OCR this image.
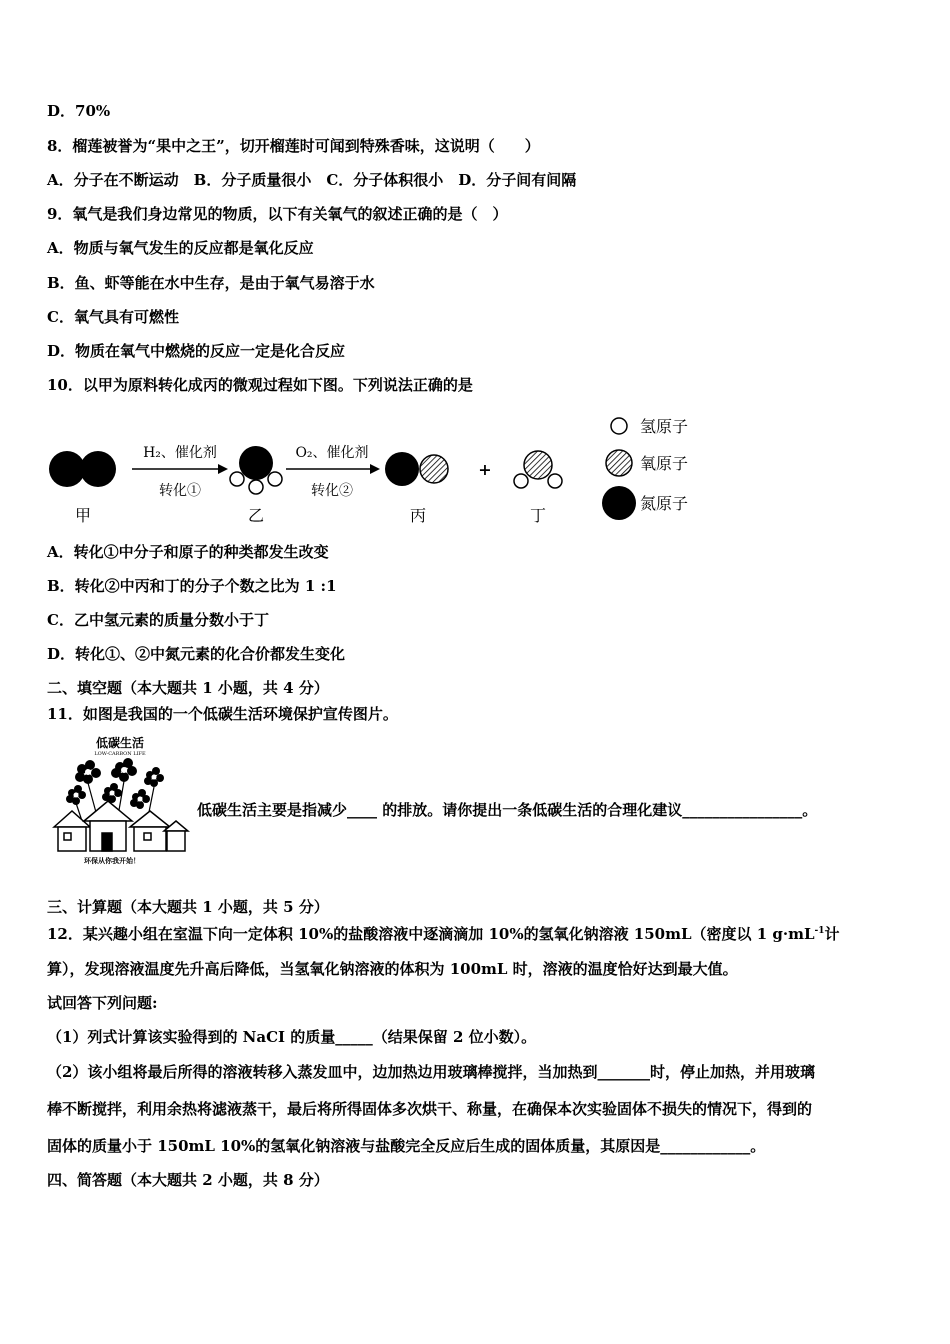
D．70%
8．榴莲被誉为“果中之王”，切开榴莲时可闻到特殊香味，这说明（　　）
A．分子在不断运动　B．分子质量很小　C．分子体积很小　D．分子间有间隔
9．氧气是我们身边常见的物质，以下有关氧气的叙述正确的是（　）
A．物质与氧气发生的反应都是氧化反应
B．鱼、虾等能在水中生存，是由于氧气易溶于水
C．氧气具有可燃性
D．物质在氧气中燃烧的反应一定是化合反应
10．以甲为原料转化成丙的微观过程如下图。下列说法正确的是
甲
H₂、催化剂
转化①
乙
O₂、催化剂
转化②
丙
+
丁
氢原子
氧原子
氮原子
A．转化①中分子和原子的种类都发生改变
B．转化②中丙和丁的分子个数之比为 1 :1
C．乙中氢元素的质量分数小于丁
D．转化①、②中氮元素的化合价都发生变化
二、填空题（本大题共 1 小题，共 4 分）
11．如图是我国的一个低碳生活环境保护宣传图片。
低碳生活
LOW-CARBON LIFE
环保从你我开始！
低碳生活主要是指减少____ 的排放。请你提出一条低碳生活的合理化建议________________。
三、计算题（本大题共 1 小题，共 5 分）
12．某兴趣小组在室温下向一定体积 10%的盐酸溶液中逐滴滴加 10%的氢氧化钠溶液 150mL（密度以 1 $g\cdot mL^{-1}$计
算），发现溶液温度先升高后降低，当氢氧化钠溶液的体积为 100mL 时，溶液的温度恰好达到最大值。
试回答下列问题:
（1）列式计算该实验得到的 NaCI 的质量_____（结果保留 2 位小数）。
（2）该小组将最后所得的溶液转移入蒸发皿中，边加热边用玻璃棒搅拌，当加热到_______时，停止加热，并用玻璃
棒不断搅拌，利用余热将滤液蒸干，最后将所得固体多次烘干、称量，在确保本次实验固体不损失的情况下，得到的
固体的质量小于 150mL 10%的氢氧化钠溶液与盐酸完全反应后生成的固体质量，其原因是____________。
四、简答题（本大题共 2 小题，共 8 分）
